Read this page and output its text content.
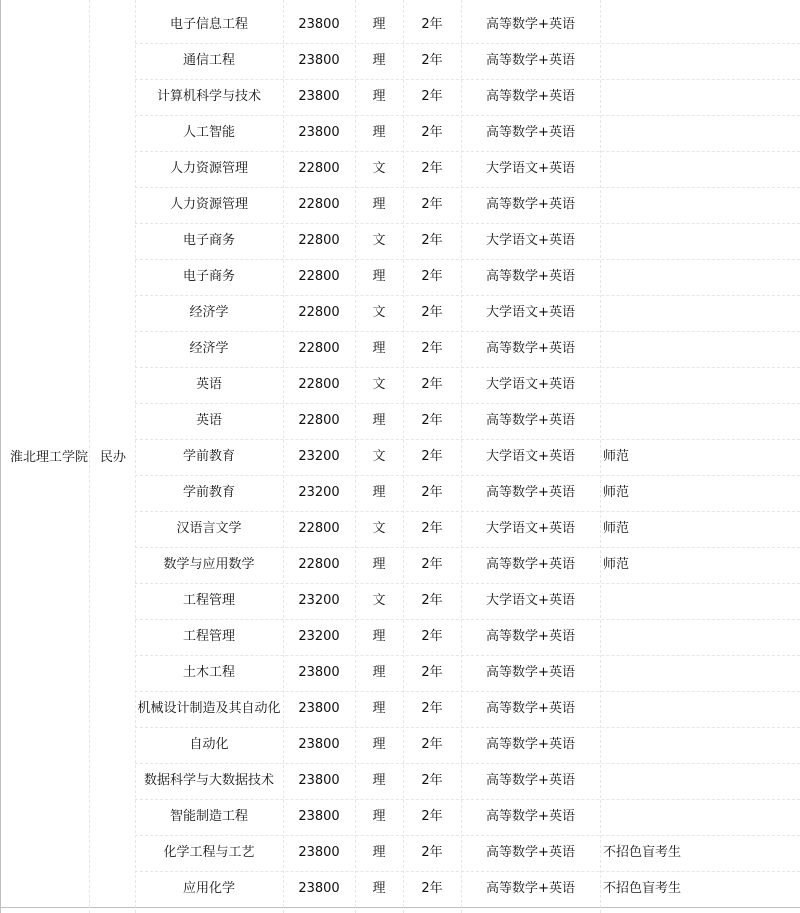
淮北理工学院 民办
电子信息工程	23800	理	2年	高等数学+英语
通信工程	23800	理	2年	高等数学+英语
计算机科学与技术	23800	理	2年	高等数学+英语
人工智能	23800	理	2年	高等数学+英语
人力资源管理	22800	文	2年	大学语文+英语
人力资源管理	22800	理	2年	高等数学+英语
电子商务	22800	文	2年	大学语文+英语
电子商务	22800	理	2年	高等数学+英语
经济学	22800	文	2年	大学语文+英语
经济学	22800	理	2年	高等数学+英语
英语	22800	文	2年	大学语文+英语
英语	22800	理	2年	高等数学+英语
学前教育	23200	文	2年	大学语文+英语	师范
学前教育	23200	理	2年	高等数学+英语	师范
汉语言文学	22800	文	2年	大学语文+英语	师范
数学与应用数学	22800	理	2年	高等数学+英语	师范
工程管理	23200	文	2年	大学语文+英语
工程管理	23200	理	2年	高等数学+英语
土木工程	23800	理	2年	高等数学+英语
机械设计制造及其自动化	23800	理	2年	高等数学+英语
自动化	23800	理	2年	高等数学+英语
数据科学与大数据技术	23800	理	2年	高等数学+英语
智能制造工程	23800	理	2年	高等数学+英语
化学工程与工艺	23800	理	2年	高等数学+英语	不招色盲考生
应用化学	23800	理	2年	高等数学+英语	不招色盲考生
